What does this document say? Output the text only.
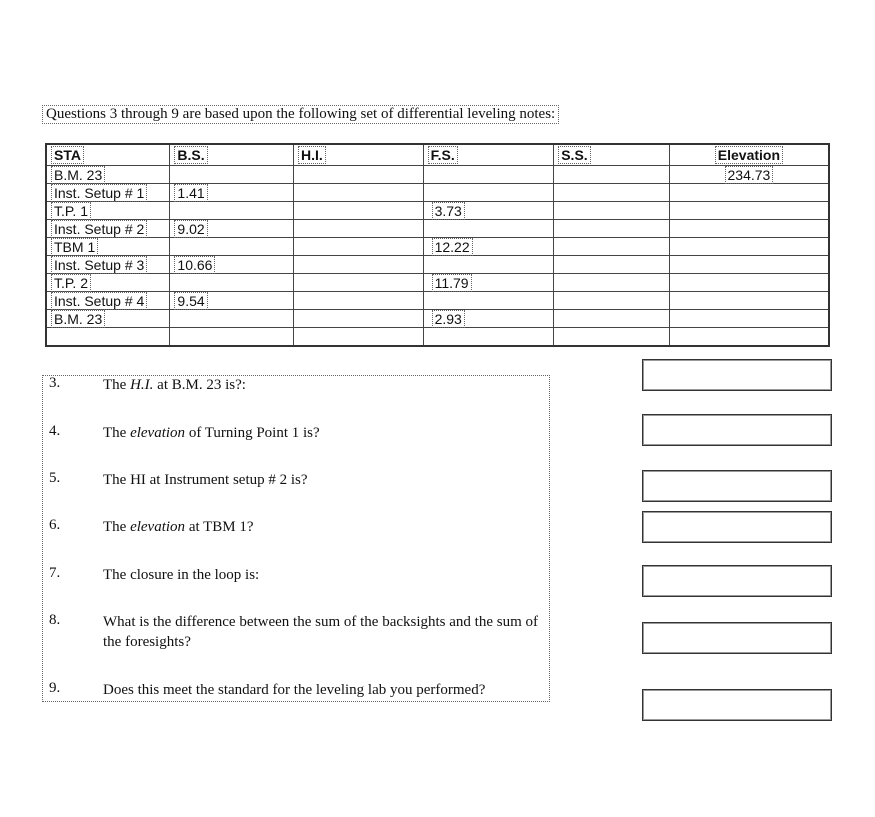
Questions 3 through 9 are based upon the following set of differential leveling notes:
STA	B.S.	H.I.	F.S.	S.S.	Elevation
B.M. 23					234.73
Inst. Setup # 1	1.41				
T.P. 1			3.73		
Inst. Setup # 2	9.02				
TBM 1			12.22		
Inst. Setup # 3	10.66				
T.P. 2			11.79		
Inst. Setup # 4	9.54				
B.M. 23			2.93		

3.	The H.I. at B.M. 23 is?:
4.	The elevation of Turning Point 1 is?
5.	The HI at Instrument setup # 2 is?
6.	The elevation at TBM 1?
7.	The closure in the loop is:
8.	What is the difference between the sum of the backsights and the sum of the foresights?
9.	Does this meet the standard for the leveling lab you performed?
